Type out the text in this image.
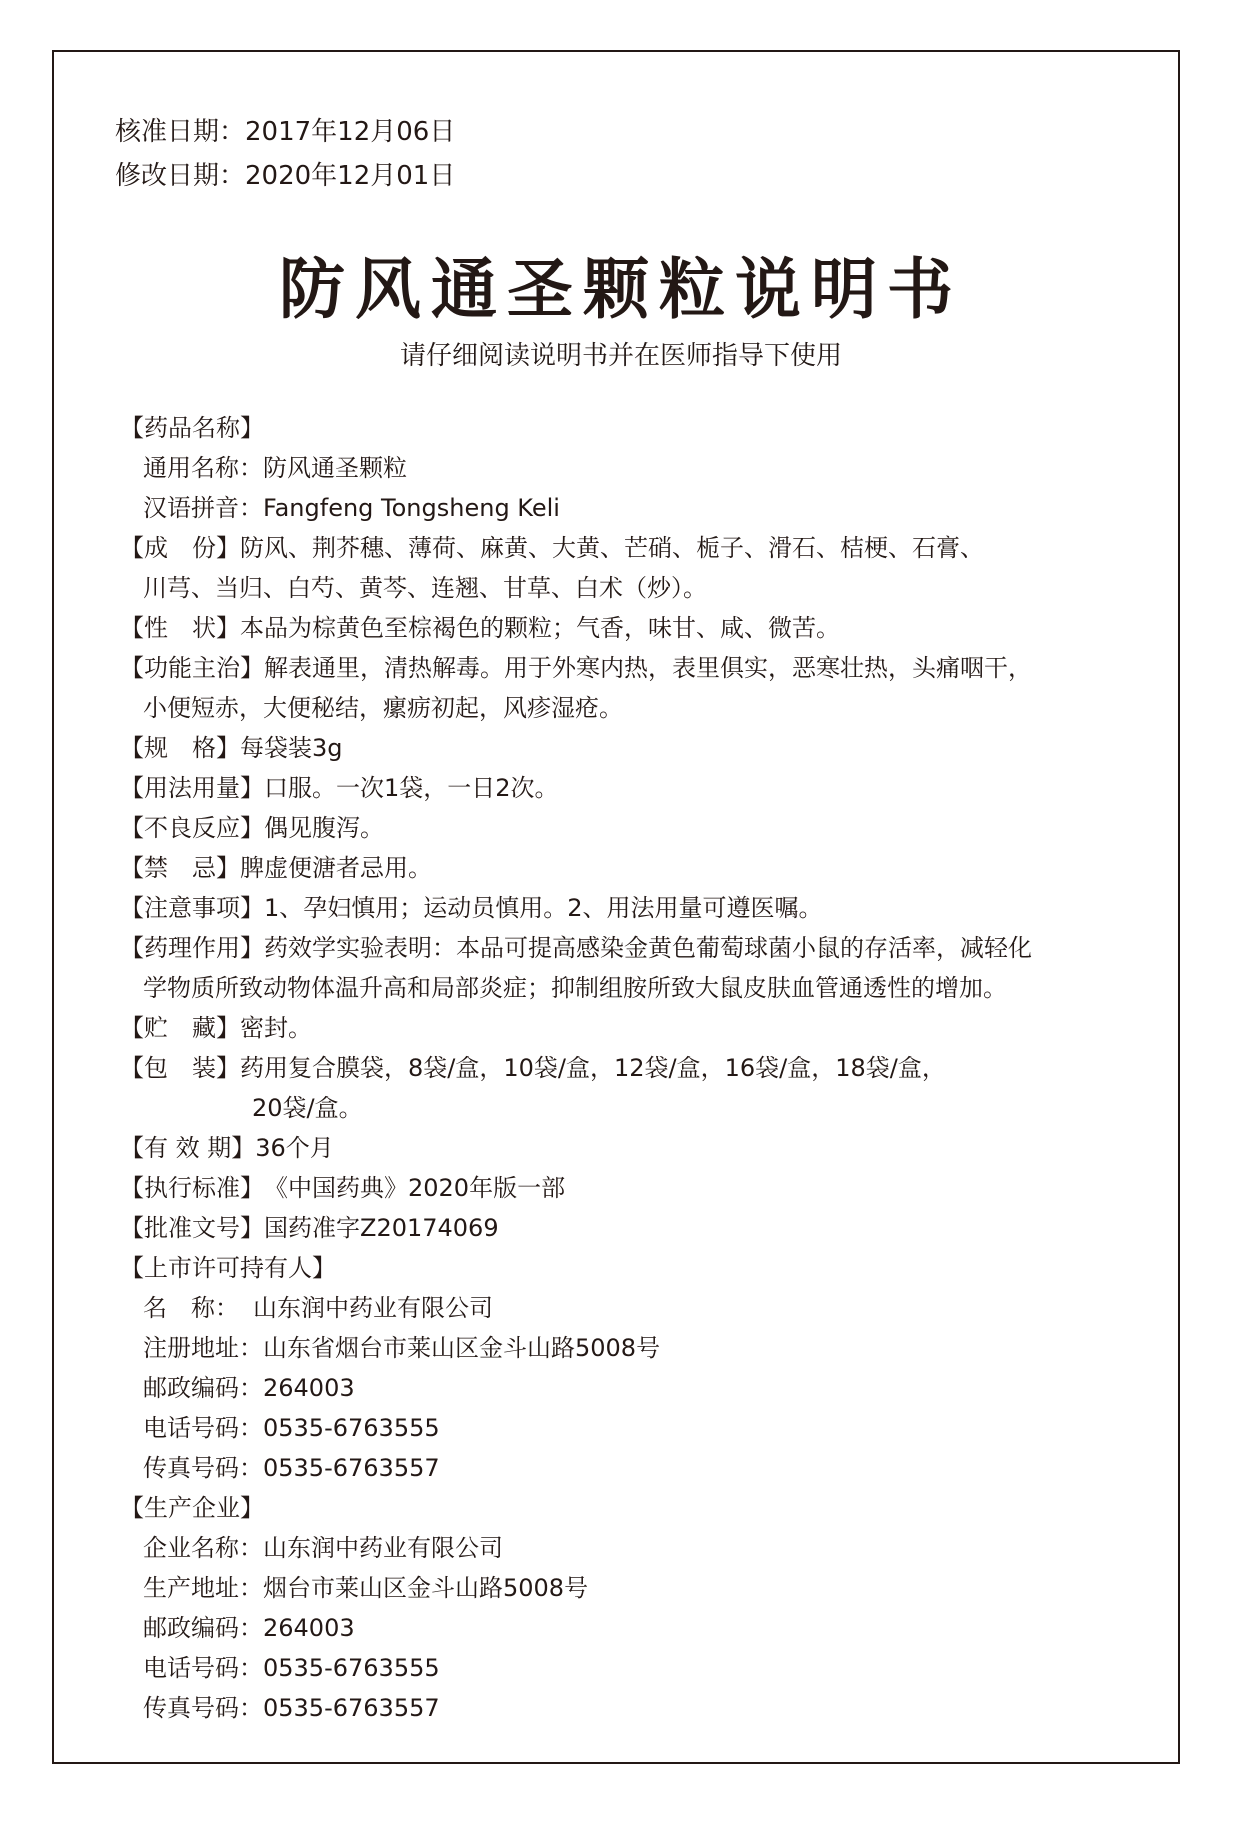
核准日期：2017年12月06日
修改日期：2020年12月01日
防风通圣颗粒说明书
请仔细阅读说明书并在医师指导下使用
【药品名称】
通用名称： 防风通圣颗粒
汉语拼音： Fangfeng Tongsheng Keli
【成 份】 防风、荆芥穗、薄荷、麻黄、大黄、芒硝、栀子、滑石、桔梗、石膏、
川芎、当归、白芍、黄芩、连翘、甘草、白术（炒）。
【性 状】 本品为棕黄色至棕褐色的颗粒；气香，味甘、咸、微苦。
【功能主治】 解表通里，清热解毒。用于外寒内热，表里俱实，恶寒壮热，头痛咽干，
小便短赤，大便秘结，瘰疬初起，风疹湿疮。
【规 格】 每袋装3g
【用法用量】 口服。一次1袋，一日2次。
【不良反应】 偶见腹泻。
【禁 忌】 脾虚便溏者忌用。
【注意事项】 1、孕妇慎用；运动员慎用。2、用法用量可遵医嘱。
【药理作用】 药效学实验表明：本品可提高感染金黄色葡萄球菌小鼠的存活率，减轻化
学物质所致动物体温升高和局部炎症；抑制组胺所致大鼠皮肤血管通透性的增加。
【贮 藏】 密封。
【包 装】 药用复合膜袋，8袋/盒，10袋/盒，12袋/盒，16袋/盒，18袋/盒，
20袋/盒。
【有 效 期】 36个月
【执行标准】 《中国药典》2020年版一部
【批准文号】 国药准字Z20174069
【上市许可持有人】
名 称： 山东润中药业有限公司
注册地址： 山东省烟台市莱山区金斗山路5008号
邮政编码： 264003
电话号码： 0535-6763555
传真号码： 0535-6763557
【生产企业】
企业名称： 山东润中药业有限公司
生产地址： 烟台市莱山区金斗山路5008号
邮政编码： 264003
电话号码： 0535-6763555
传真号码： 0535-6763557
